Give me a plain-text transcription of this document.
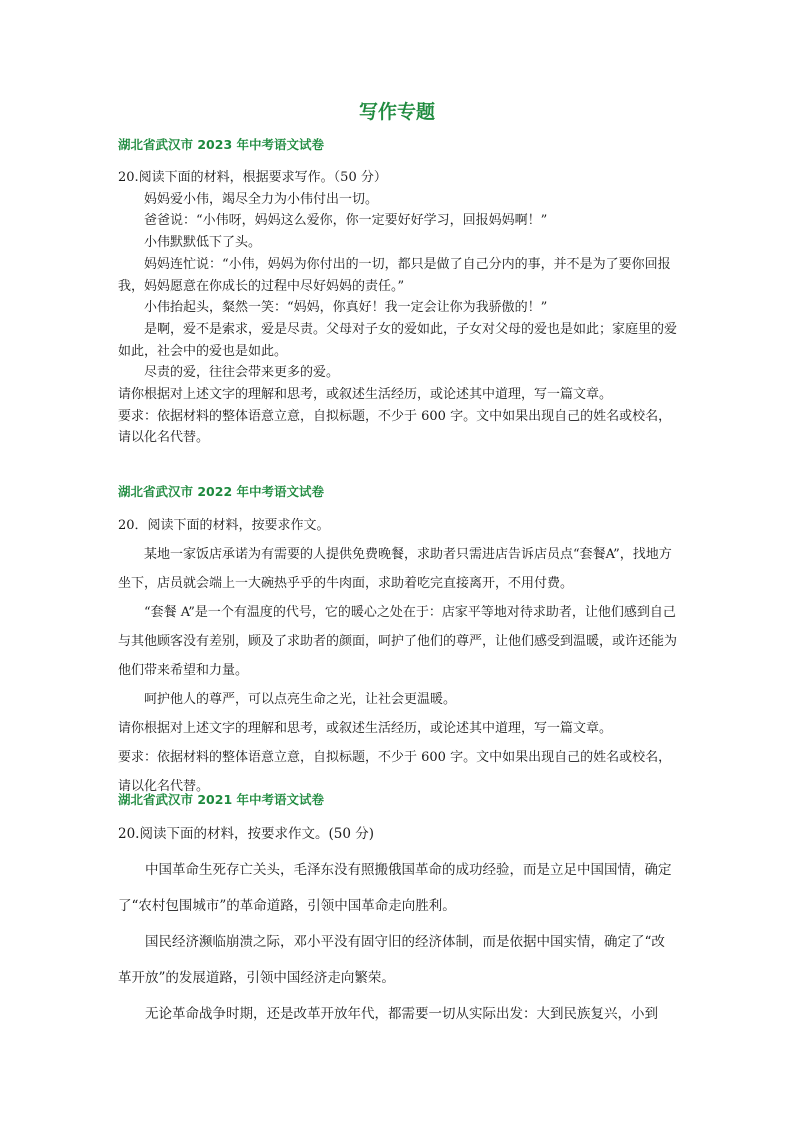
写作专题
湖北省武汉市 2023 年中考语文试卷

20.阅读下面的材料，根据要求写作。（50 分）

妈妈爱小伟，竭尽全力为小伟付出一切。

爸爸说：“小伟呀，妈妈这么爱你，你一定要好好学习，回报妈妈啊！”

小伟默默低下了头。

妈妈连忙说：“小伟，妈妈为你付出的一切，都只是做了自己分内的事，并不是为了要你回报我，妈妈愿意在你成长的过程中尽好妈妈的责任。”

小伟抬起头，粲然一笑：“妈妈，你真好！我一定会让你为我骄傲的！”

是啊，爱不是索求，爱是尽责。父母对子女的爱如此，子女对父母的爱也是如此；家庭里的爱如此，社会中的爱也是如此。

尽责的爱，往往会带来更多的爱。

请你根据对上述文字的理解和思考，或叙述生活经历，或论述其中道理，写一篇文章。

要求：依据材料的整体语意立意，自拟标题，不少于 600 字。文中如果出现自己的姓名或校名，请以化名代替。

湖北省武汉市 2022 年中考语文试卷

20．阅读下面的材料，按要求作文。

某地一家饭店承诺为有需要的人提供免费晚餐，求助者只需进店告诉店员点“套餐A”，找地方坐下，店员就会端上一大碗热乎乎的牛肉面，求助着吃完直接离开，不用付费。

“套餐 A”是一个有温度的代号，它的暖心之处在于：店家平等地对待求助者，让他们感到自己与其他顾客没有差别，顾及了求助者的颜面，呵护了他们的尊严，让他们感受到温暖，或许还能为他们带来希望和力量。

呵护他人的尊严，可以点亮生命之光，让社会更温暖。

请你根据对上述文字的理解和思考，或叙述生活经历，或论述其中道理，写一篇文章。

要求：依据材料的整体语意立意，自拟标题，不少于 600 字。文中如果出现自己的姓名或校名，请以化名代替。

湖北省武汉市 2021 年中考语文试卷

20.阅读下面的材料，按要求作文。(50 分)

中国革命生死存亡关头，毛泽东没有照搬俄国革命的成功经验，而是立足中国国情，确定了“农村包围城市”的革命道路，引领中国革命走向胜利。

国民经济濒临崩溃之际，邓小平没有固守旧的经济体制，而是依据中国实情，确定了“改革开放”的发展道路，引领中国经济走向繁荣。

无论革命战争时期，还是改革开放年代，都需要一切从实际出发：大到民族复兴，小到
